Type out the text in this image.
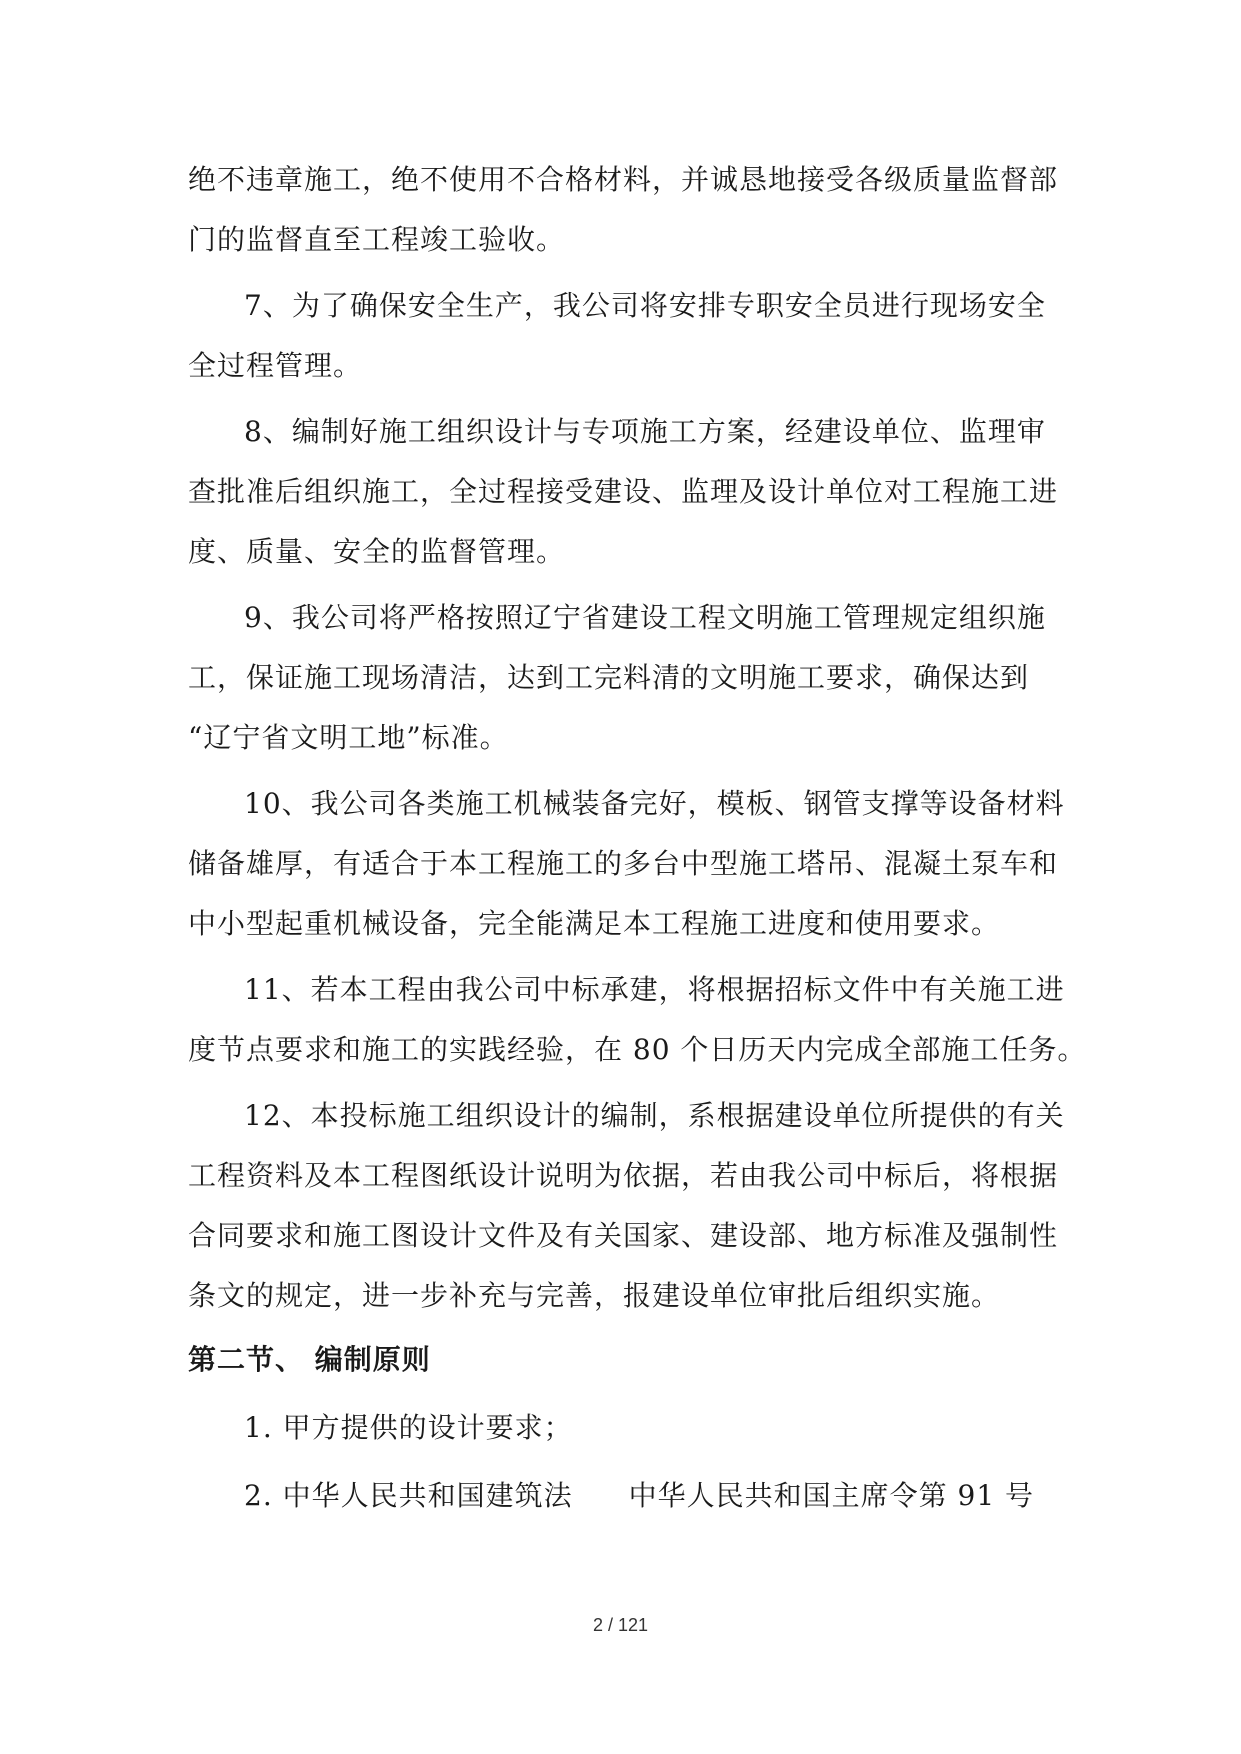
绝不违章施工，绝不使用不合格材料，并诚恳地接受各级质量监督部
门的监督直至工程竣工验收。
7、为了确保安全生产，我公司将安排专职安全员进行现场安全
全过程管理。
8、编制好施工组织设计与专项施工方案，经建设单位、监理审
查批准后组织施工，全过程接受建设、监理及设计单位对工程施工进
度、质量、安全的监督管理。
9、我公司将严格按照辽宁省建设工程文明施工管理规定组织施
工，保证施工现场清洁，达到工完料清的文明施工要求，确保达到
“辽宁省文明工地”标准。
10、我公司各类施工机械装备完好，模板、钢管支撑等设备材料
储备雄厚，有适合于本工程施工的多台中型施工塔吊、混凝土泵车和
中小型起重机械设备，完全能满足本工程施工进度和使用要求。
11、若本工程由我公司中标承建，将根据招标文件中有关施工进
度节点要求和施工的实践经验，在 80 个日历天内完成全部施工任务。
12、本投标施工组织设计的编制，系根据建设单位所提供的有关
工程资料及本工程图纸设计说明为依据，若由我公司中标后，将根据
合同要求和施工图设计文件及有关国家、建设部、地方标准及强制性
条文的规定，进一步补充与完善，报建设单位审批后组织实施。
第二节、 编制原则
1. 甲方提供的设计要求；
2. 中华人民共和国建筑法 中华人民共和国主席令第 91 号
2 / 121
